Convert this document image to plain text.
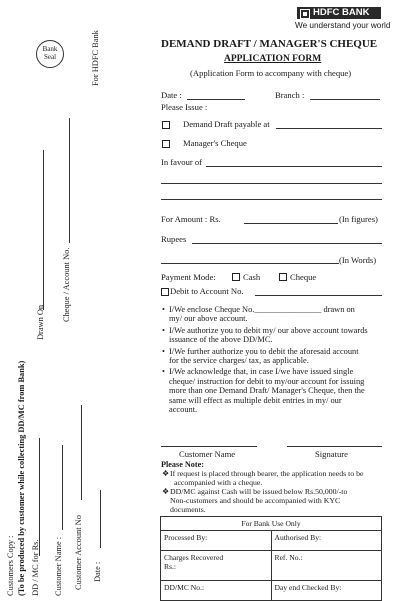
HDFC BANK
We understand your world
Bank
Seal	For HDFC Bank
Drawn On
Cheque / Account No.
Customers Copy : (To be produced by customer while collecting DD/MC from Bank) DD / MC for Rs. Customer Name : Customer Account No Date :
DEMAND DRAFT / MANAGER'S CHEQUE
APPLICATION FORM
(Application Form to accompany with cheque)
Date :	Branch :
Please Issue :
Demand Draft payable at
Manager's Cheque
In favour of
For Amount : Rs.	(In figures)
Rupees
(In Words)
Payment Mode:	Cash	Cheque
Debit to Account No.
• I/We enclose Cheque No.________________ drawn on
my/ our above account.
• I/We authorize you to debit my/ our above account towards
issuance of the above DD/MC.
• I/We further authorize you to debit the aforesaid account
for the service charges/ tax, as applicable.
• I/We acknowledge that, in case I/we have issued single
cheque/ instruction for debit to my/our account for issuing
more than one Demand Draft/ Manager's Cheque, then the
same will effect as multiple debit entries in my/ our
account.
Customer Name	Signature
Please Note:
❖ If request is placed through bearer, the application needs to be
accompanied with a cheque.
❖ DD/MC against Cash will be issued below Rs.50,000/-to
Non-customers and should be accompanied with KYC
documents.
For Bank Use Only	
Processed By:	Authorised By:

Charges Recovered
Rs.:	Ref. No.:
DD/MC No.:	Day end Checked By:
